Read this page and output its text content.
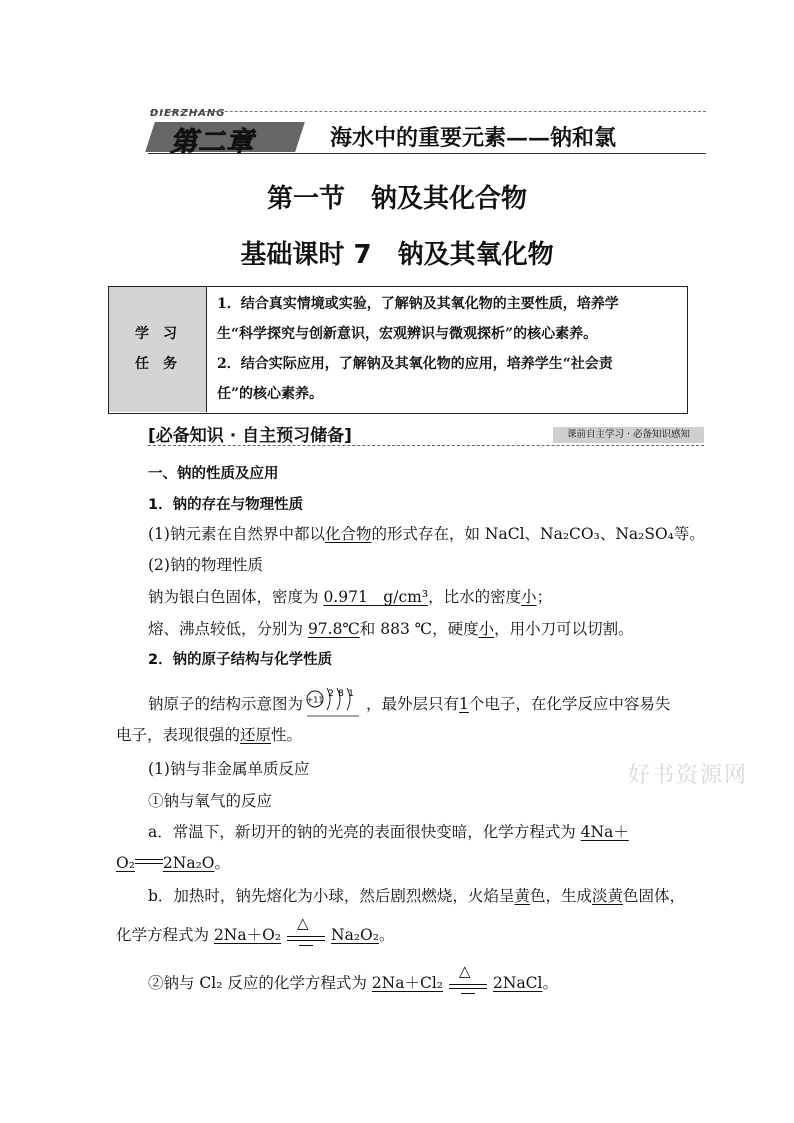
DIERZHANG
第二章	海水中的重要元素——钠和氯
第一节　钠及其化合物
基础课时 7　钠及其氧化物
学习
任务
1．结合真实情境或实验，了解钠及其氧化物的主要性质，培养学
生“科学探究与创新意识，宏观辨识与微观探析”的核心素养。
2．结合实际应用，了解钠及其氧化物的应用，培养学生“社会责
任”的核心素养。
[必备知识 · 自主预习储备]	课前自主学习 · 必备知识感知
一、钠的性质及应用
1．钠的存在与物理性质
(1)钠元素在自然界中都以化合物的形式存在，如 NaCl、Na₂CO₃、Na₂SO₄等。
(2)钠的物理性质
钠为银白色固体，密度为 0.971　g/cm³，比水的密度小；
熔、沸点较低，分别为 97.8℃和 883 ℃，硬度小，用小刀可以切割。
2．钠的原子结构与化学性质
钠原子的结构示意图为 +11
2 8 1
，最外层只有1个电子，在化学反应中容易失
电子，表现很强的还原性。
(1)钠与非金属单质反应
①钠与氧气的反应
a．常温下，新切开的钠的光亮的表面很快变暗，化学方程式为 4Na＋
O₂ 2Na₂O。
b．加热时，钠先熔化为小球，然后剧烈燃烧，火焰呈黄色，生成淡黄色固体，
化学方程式为 2Na＋O₂
△
Na₂O₂。
②钠与 Cl₂ 反应的化学方程式为 2Na＋Cl₂
△
2NaCl。
好书资源网
